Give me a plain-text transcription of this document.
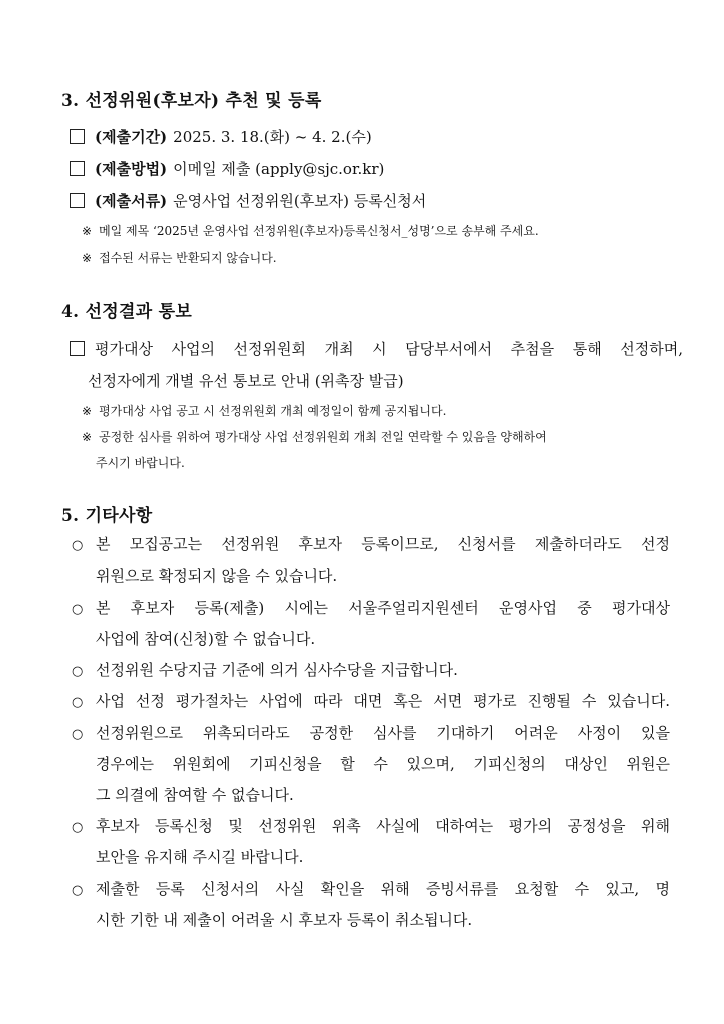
3. 선정위원(후보자) 추천 및 등록
(제출기간) 2025. 3. 18.(화) ~ 4. 2.(수)
(제출방법) 이메일 제출 (apply@sjc.or.kr)
(제출서류) 운영사업 선정위원(후보자) 등록신청서
※ 메일 제목 ‘2025년 운영사업 선정위원(후보자)등록신청서_성명’으로 송부해 주세요.
※ 접수된 서류는 반환되지 않습니다.
4. 선정결과 통보
평가대상 사업의 선정위원회 개최 시 담당부서에서 추첨을 통해 선정하며,
선정자에게 개별 유선 통보로 안내 (위촉장 발급)
※ 평가대상 사업 공고 시 선정위원회 개최 예정일이 함께 공지됩니다.
※ 공정한 심사를 위하여 평가대상 사업 선정위원회 개최 전일 연락할 수 있음을 양해하여
주시기 바랍니다.
5. 기타사항
○ 본 모집공고는 선정위원 후보자 등록이므로, 신청서를 제출하더라도 선정
위원으로 확정되지 않을 수 있습니다.
○ 본 후보자 등록(제출) 시에는 서울주얼리지원센터 운영사업 중 평가대상
사업에 참여(신청)할 수 없습니다.
○ 선정위원 수당지급 기준에 의거 심사수당을 지급합니다.
○ 사업 선정 평가절차는 사업에 따라 대면 혹은 서면 평가로 진행될 수 있습니다.
○ 선정위원으로 위촉되더라도 공정한 심사를 기대하기 어려운 사정이 있을
경우에는 위원회에 기피신청을 할 수 있으며, 기피신청의 대상인 위원은
그 의결에 참여할 수 없습니다.
○ 후보자 등록신청 및 선정위원 위촉 사실에 대하여는 평가의 공정성을 위해
보안을 유지해 주시길 바랍니다.
○ 제출한 등록 신청서의 사실 확인을 위해 증빙서류를 요청할 수 있고, 명
시한 기한 내 제출이 어려울 시 후보자 등록이 취소됩니다.
